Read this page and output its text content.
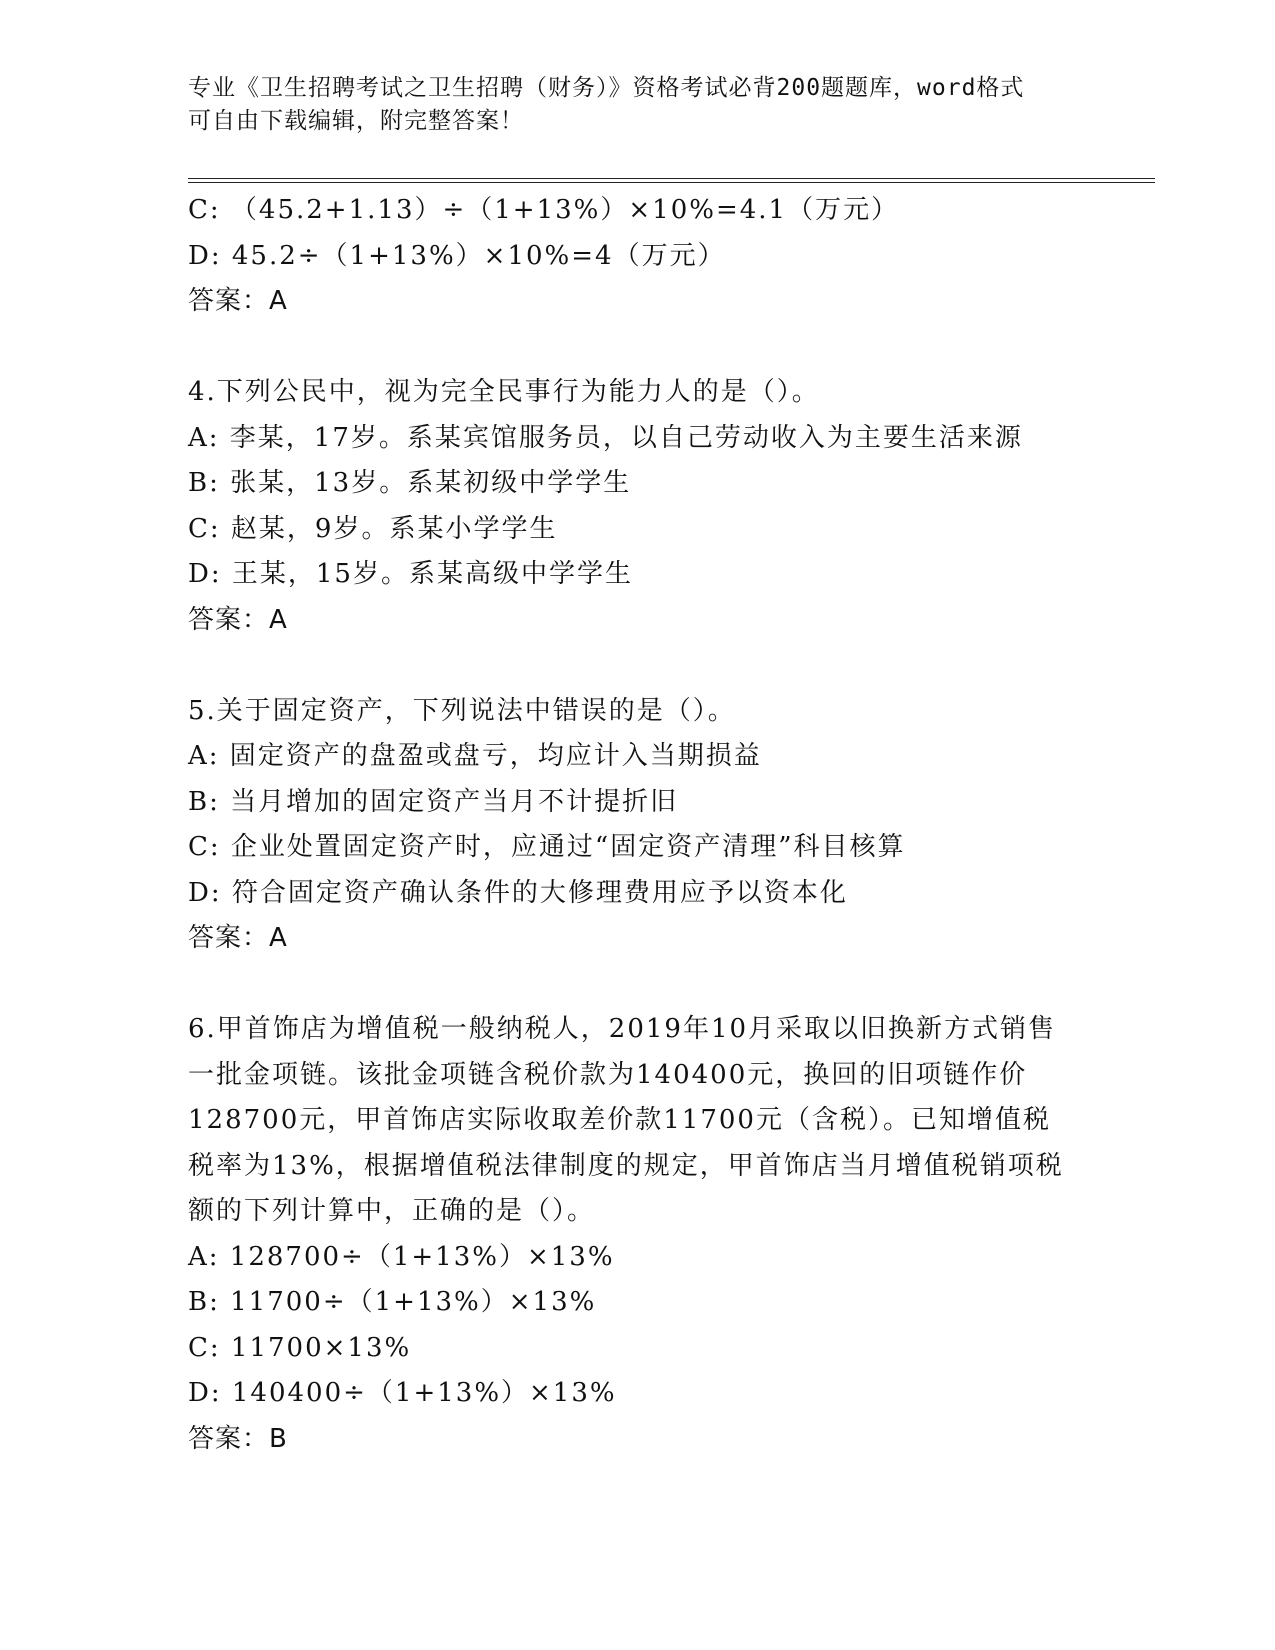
专业《卫生招聘考试之卫生招聘（财务）》资格考试必背200题题库，word格式
可自由下载编辑，附完整答案！
C: （45.2+1.13）÷（1+13%）×10%=4.1（万元）
D: 45.2÷（1+13%）×10%=4（万元）
答案：A
4.下列公民中，视为完全民事行为能力人的是（）。
A: 李某，17岁。系某宾馆服务员，以自己劳动收入为主要生活来源
B: 张某，13岁。系某初级中学学生
C: 赵某，9岁。系某小学学生
D: 王某，15岁。系某高级中学学生
答案：A
5.关于固定资产，下列说法中错误的是（）。
A: 固定资产的盘盈或盘亏，均应计入当期损益
B: 当月增加的固定资产当月不计提折旧
C: 企业处置固定资产时，应通过“固定资产清理”科目核算
D: 符合固定资产确认条件的大修理费用应予以资本化
答案：A
6.甲首饰店为增值税一般纳税人，2019年10月采取以旧换新方式销售
一批金项链。该批金项链含税价款为140400元，换回的旧项链作价
128700元，甲首饰店实际收取差价款11700元（含税）。已知增值税
税率为13%，根据增值税法律制度的规定，甲首饰店当月增值税销项税
额的下列计算中，正确的是（）。
A: 128700÷（1+13%）×13%
B: 11700÷（1+13%）×13%
C: 11700×13%
D: 140400÷（1+13%）×13%
答案：B
